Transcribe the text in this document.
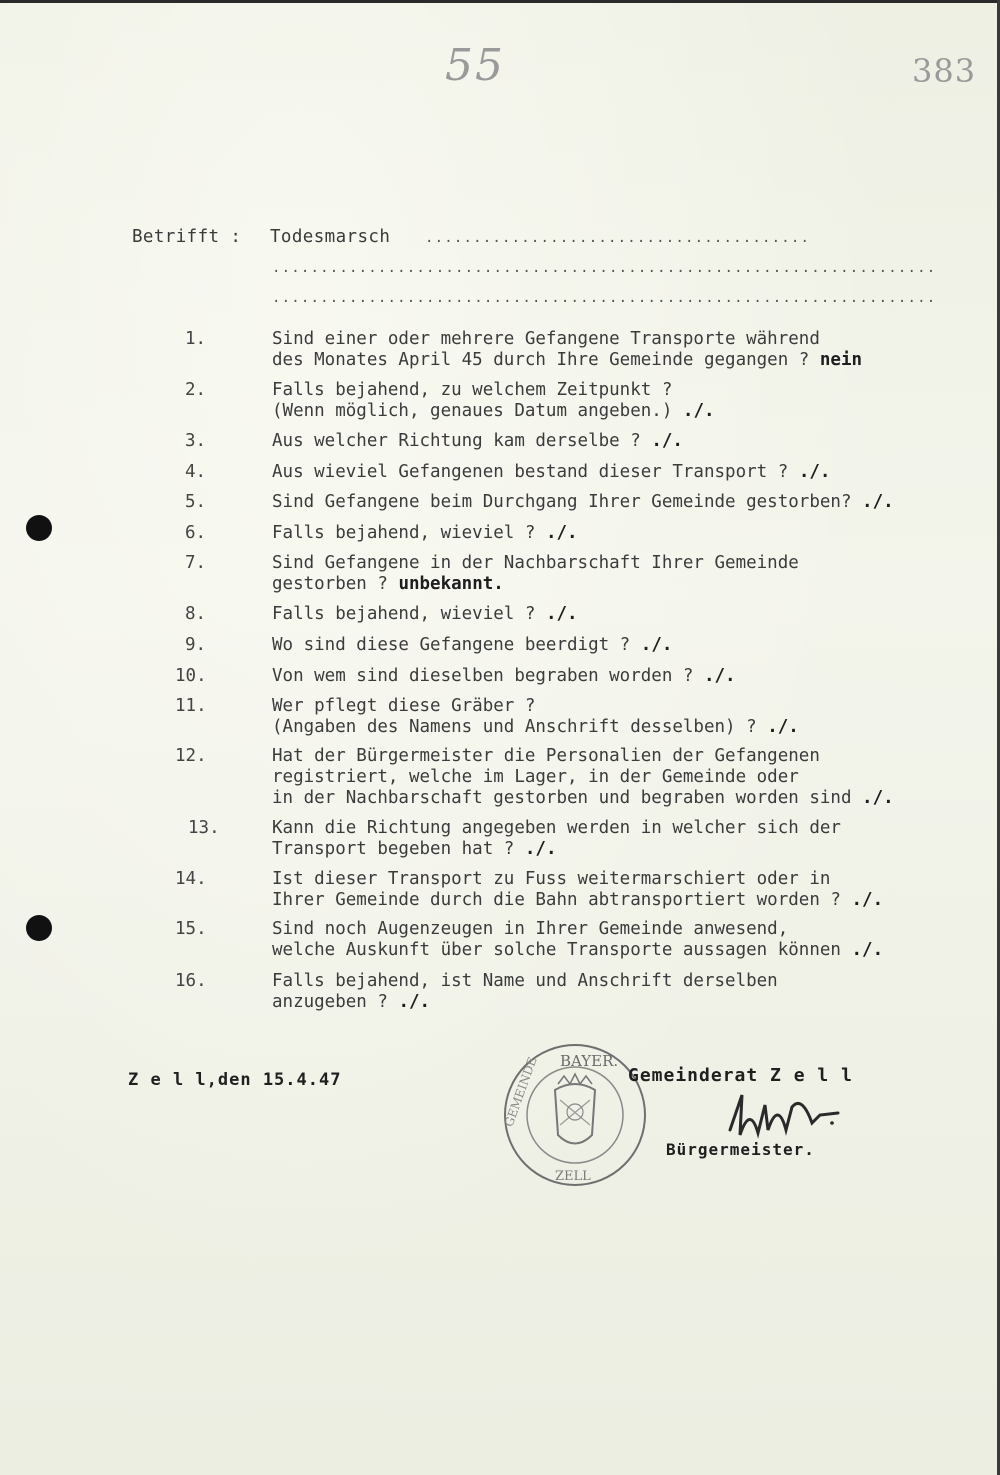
55	383
Betrifft : Todesmarsch ........................................
.....................................................................
.....................................................................
1.	Sind einer oder mehrere Gefangene Transporte während
des Monates April 45 durch Ihre Gemeinde gegangen ? nein
2.	Falls bejahend, zu welchem Zeitpunkt ?
(Wenn möglich, genaues Datum angeben.) ./.
3.	Aus welcher Richtung kam derselbe ? ./.
4.	Aus wieviel Gefangenen bestand dieser Transport ? ./.
5.	Sind Gefangene beim Durchgang Ihrer Gemeinde gestorben? ./.
6.	Falls bejahend, wieviel ? ./.
7.	Sind Gefangene in der Nachbarschaft Ihrer Gemeinde
gestorben ? unbekannt.
8.	Falls bejahend, wieviel ? ./.
9.	Wo sind diese Gefangene beerdigt ? ./.
10.	Von wem sind dieselben begraben worden ? ./.
11.	Wer pflegt diese Gräber ?
(Angaben des Namens und Anschrift desselben) ? ./.
12.	Hat der Bürgermeister die Personalien der Gefangenen
registriert, welche im Lager, in der Gemeinde oder
in der Nachbarschaft gestorben und begraben worden sind ./.
13.	Kann die Richtung angegeben werden in welcher sich der
Transport begeben hat ? ./.
14.	Ist dieser Transport zu Fuss weitermarschiert oder in
Ihrer Gemeinde durch die Bahn abtransportiert worden ? ./.
15.	Sind noch Augenzeugen in Ihrer Gemeinde anwesend,
welche Auskunft über solche Transporte aussagen können ./.
16.	Falls bejahend, ist Name und Anschrift derselben
anzugeben ? ./.
Z e l l,den 15.4.47
BAYER.
GEMEINDE
ZELL
Gemeinderat Z e l l
Bürgermeister.
